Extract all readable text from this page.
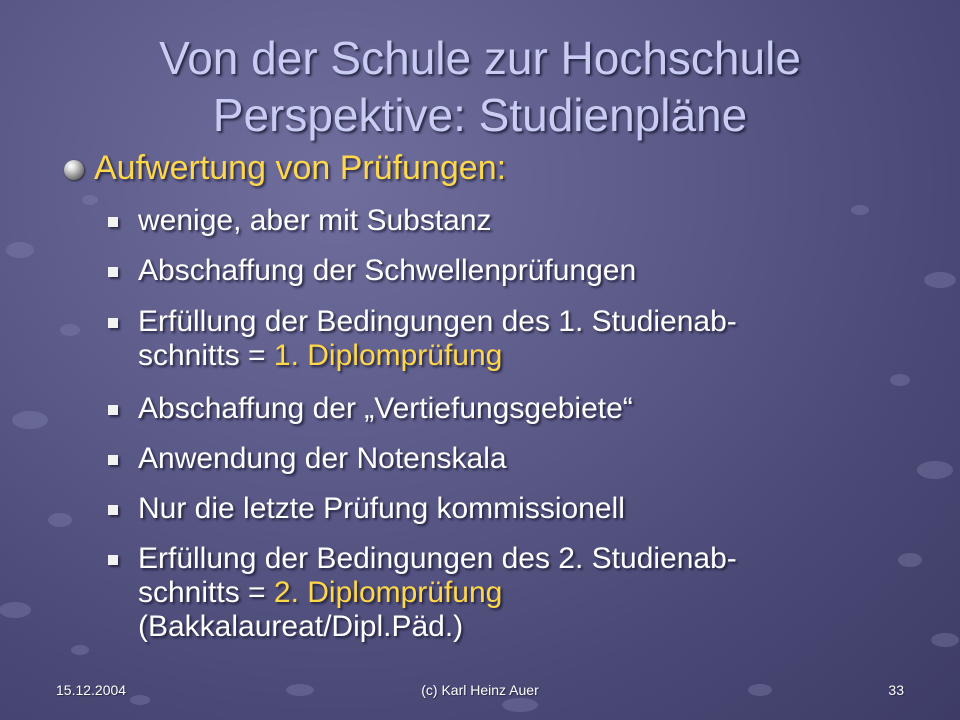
Von der Schule zur Hochschule
Perspektive: Studienpläne
Aufwertung von Prüfungen:
wenige, aber mit Substanz
Abschaffung der Schwellenprüfungen
Erfüllung der Bedingungen des 1. Studienab-
schnitts = 1. Diplomprüfung
Abschaffung der „Vertiefungsgebiete“
Anwendung der Notenskala
Nur die letzte Prüfung kommissionell
Erfüllung der Bedingungen des 2. Studienab-
schnitts = 2. Diplomprüfung
(Bakkalaureat/Dipl.Päd.)
15.12.2004	(c) Karl Heinz Auer	33
